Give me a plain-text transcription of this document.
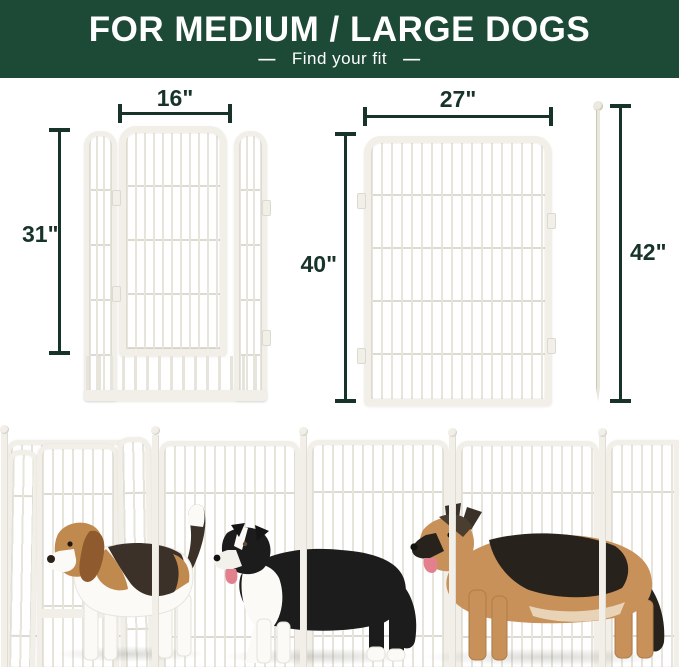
FOR MEDIUM / LARGE DOGS
— Find your fit —
16"
31"
27"
40"	42"
